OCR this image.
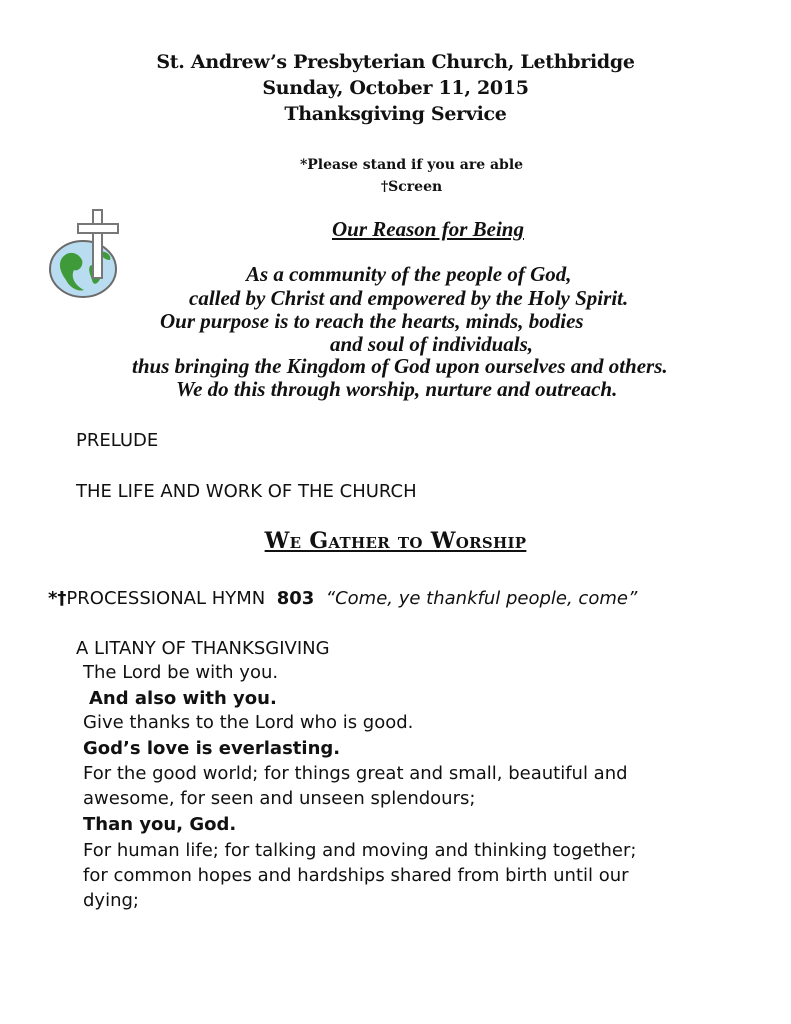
St. Andrew’s Presbyterian Church, Lethbridge
Sunday, October 11, 2015
Thanksgiving Service
*Please stand if you are able
†Screen
Our Reason for Being
As a community of the people of God,
called by Christ and empowered by the Holy Spirit.
Our purpose is to reach the hearts, minds, bodies
and soul of individuals,
thus bringing the Kingdom of God upon ourselves and others.
We do this through worship, nurture and outreach.
PRELUDE
THE LIFE AND WORK OF THE CHURCH
We Gather to Worship
*†PROCESSIONAL HYMN 803 “Come, ye thankful people, come”
A LITANY OF THANKSGIVING
The Lord be with you.
And also with you.
Give thanks to the Lord who is good.
God’s love is everlasting.
For the good world; for things great and small, beautiful and
awesome, for seen and unseen splendours;
Than you, God.
For human life; for talking and moving and thinking together;
for common hopes and hardships shared from birth until our
dying;
